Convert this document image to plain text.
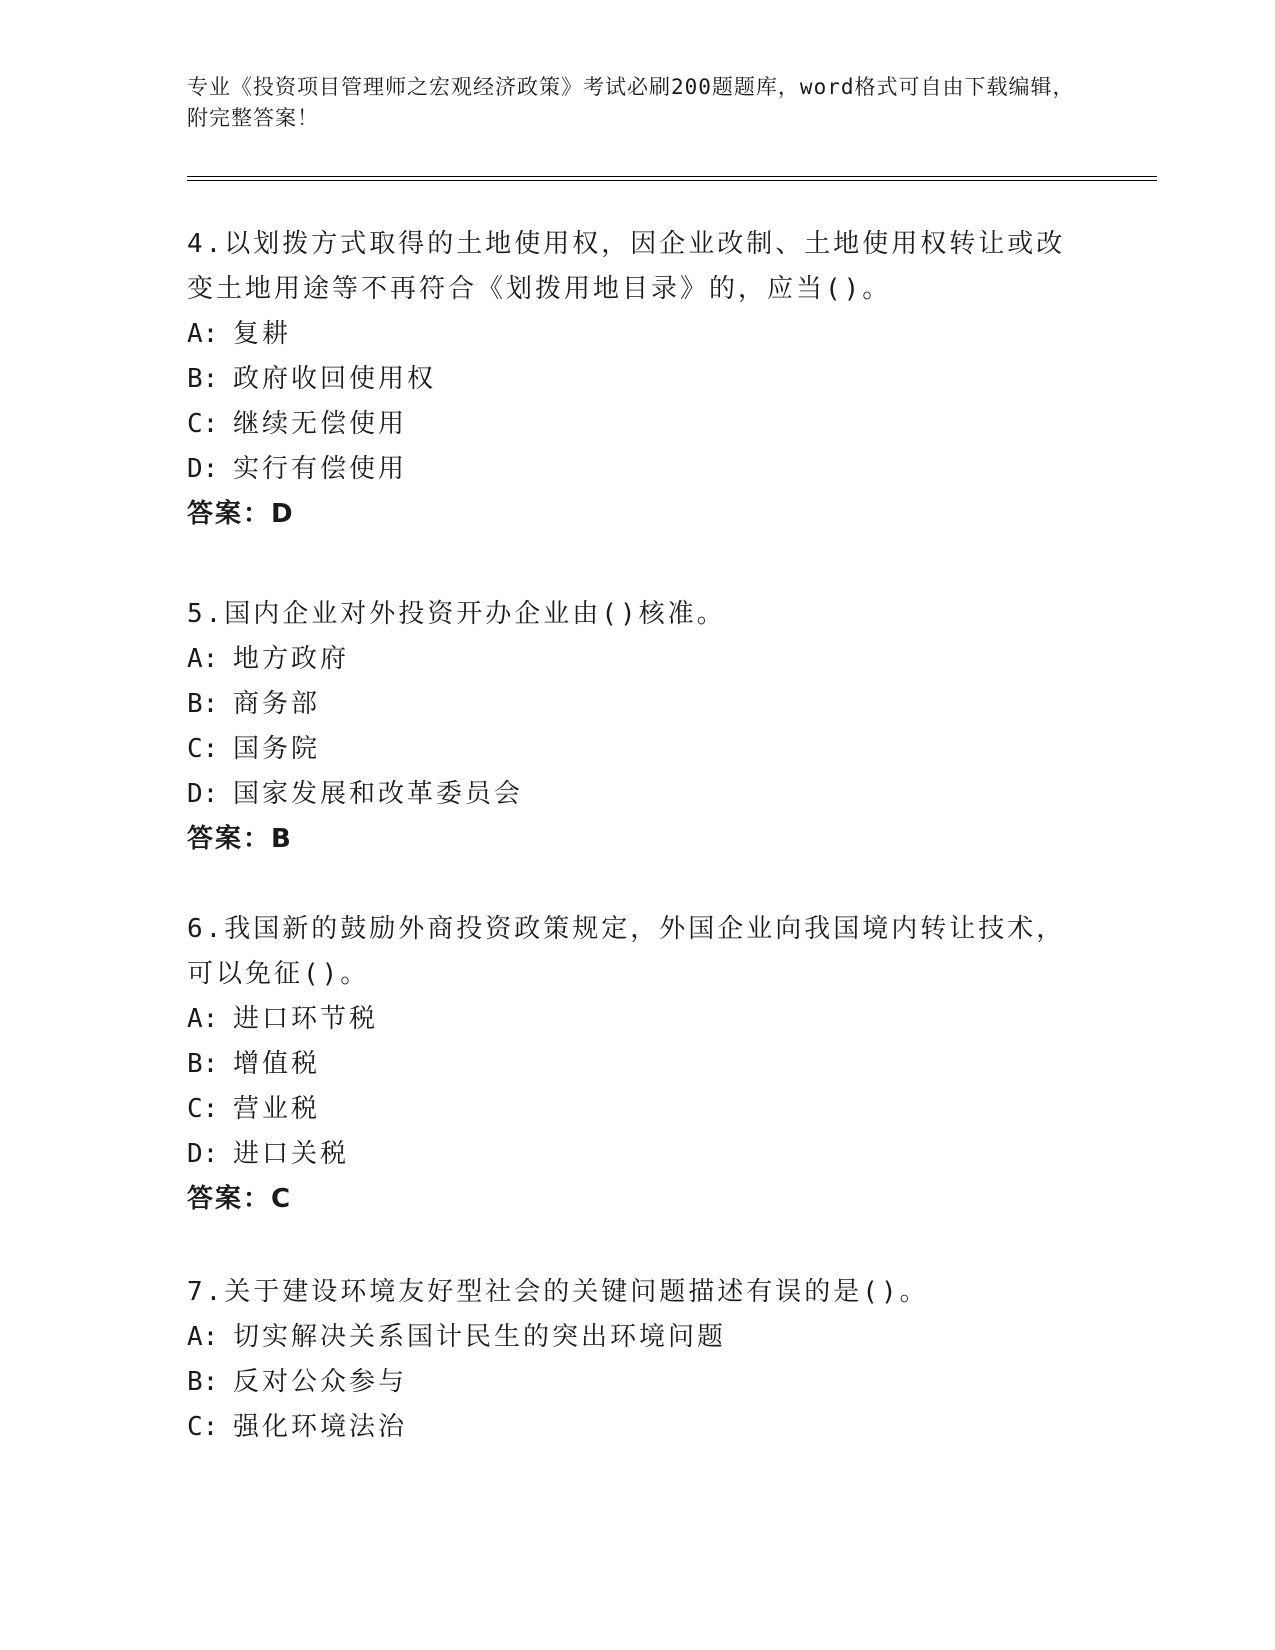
专业《投资项目管理师之宏观经济政策》考试必刷200题题库，word格式可自由下载编辑，附完整答案！
4.以划拨方式取得的土地使用权，因企业改制、土地使用权转让或改变土地用途等不再符合《划拨用地目录》的，应当()。
A: 复耕
B: 政府收回使用权
C: 继续无偿使用
D: 实行有偿使用
答案：D
5.国内企业对外投资开办企业由()核准。
A: 地方政府
B: 商务部
C: 国务院
D: 国家发展和改革委员会
答案：B
6.我国新的鼓励外商投资政策规定，外国企业向我国境内转让技术，可以免征()。
A: 进口环节税
B: 增值税
C: 营业税
D: 进口关税
答案：C
7.关于建设环境友好型社会的关键问题描述有误的是()。
A: 切实解决关系国计民生的突出环境问题
B: 反对公众参与
C: 强化环境法治
